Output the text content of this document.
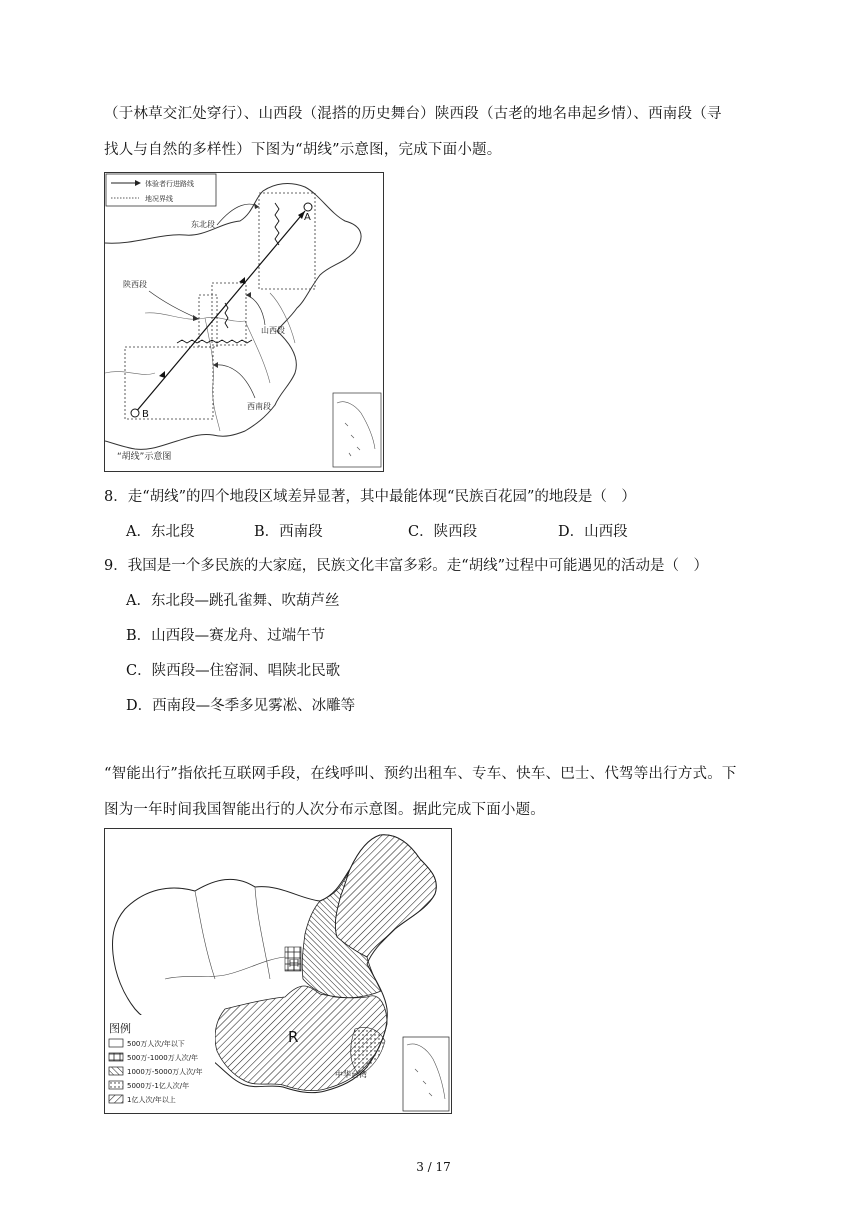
（于林草交汇处穿行）、山西段（混搭的历史舞台）陕西段（古老的地名串起乡情）、西南段（寻
找人与自然的多样性）下图为“胡线”示意图，完成下面小题。
体验者行进路线
地况界线
A
B
东北段
陕西段
山西段
西南段
“胡线”示意图
8．走“胡线”的四个地段区域差异显著，其中最能体现“民族百花园”的地段是（　）
A．东北段	B．西南段	C．陕西段	D．山西段
9．我国是一个多民族的大家庭，民族文化丰富多彩。走“胡线”过程中可能遇见的活动是（　）
A．东北段—跳孔雀舞、吹葫芦丝
B．山西段—赛龙舟、过端午节
C．陕西段—住窑洞、唱陕北民歌
D．西南段—冬季多见雾凇、冰雕等
“智能出行”指依托互联网手段，在线呼叫、预约出租车、专车、快车、巴士、代驾等出行方式。下
图为一年时间我国智能出行的人次分布示意图。据此完成下面小题。
甲
R
中华台湾
图例
500万人次/年以下
500万-1000万人次/年
1000万-5000万人次/年
5000万-1亿人次/年
1亿人次/年以上
3 / 17
